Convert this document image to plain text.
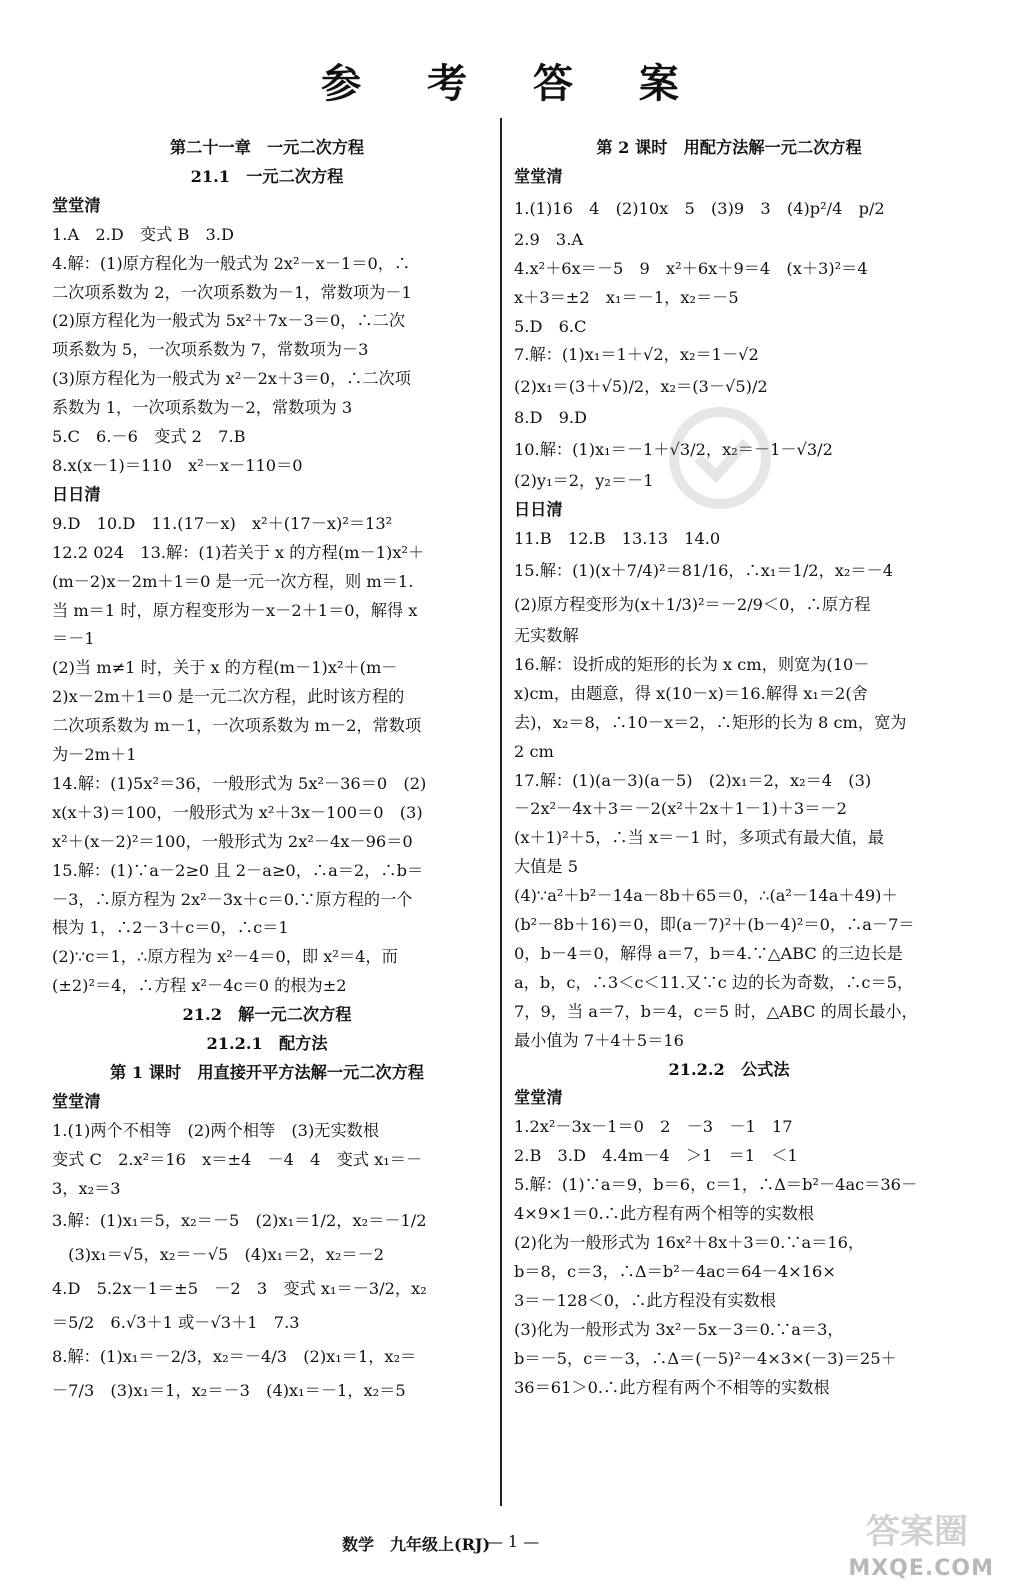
参 考 答 案
第二十一章　一元二次方程
21.1　一元二次方程
堂堂清
1.A　2.D　变式 B　3.D
4.解：(1)原方程化为一般式为 2x²－x－1＝0，∴
二次项系数为 2，一次项系数为－1，常数项为－1
(2)原方程化为一般式为 5x²＋7x－3＝0，∴二次
项系数为 5，一次项系数为 7，常数项为－3
(3)原方程化为一般式为 x²－2x＋3＝0，∴二次项
系数为 1，一次项系数为－2，常数项为 3
5.C　6.－6　变式 2　7.B
8.x(x－1)＝110　x²－x－110＝0
日日清
9.D　10.D　11.(17－x)　x²＋(17－x)²＝13²
12.2 024　13.解：(1)若关于 x 的方程(m－1)x²＋
(m－2)x－2m＋1＝0 是一元一次方程，则 m＝1.
当 m＝1 时，原方程变形为－x－2＋1＝0，解得 x
＝－1
(2)当 m≠1 时，关于 x 的方程(m－1)x²＋(m－
2)x－2m＋1＝0 是一元二次方程，此时该方程的
二次项系数为 m－1，一次项系数为 m－2，常数项
为－2m＋1
14.解：(1)5x²＝36，一般形式为 5x²－36＝0　(2)
x(x＋3)＝100，一般形式为 x²＋3x－100＝0　(3)
x²＋(x－2)²＝100，一般形式为 2x²－4x－96＝0
15.解：(1)∵a－2≥0 且 2－a≥0，∴a＝2，∴b＝
－3，∴原方程为 2x²－3x＋c＝0.∵原方程的一个
根为 1，∴2－3＋c＝0，∴c＝1
(2)∵c＝1，∴原方程为 x²－4＝0，即 x²＝4，而
(±2)²＝4，∴方程 x²－4c＝0 的根为±2
21.2　解一元二次方程
21.2.1　配方法
第 1 课时　用直接开平方法解一元二次方程
堂堂清
1.(1)两个不相等　(2)两个相等　(3)无实数根
变式 C　2.x²＝16　x＝±4　－4　4　变式 x₁＝－
3，x₂＝3
3.解：(1)x₁＝5，x₂＝－5　(2)x₁＝1/2，x₂＝－1/2
　(3)x₁＝√5，x₂＝－√5　(4)x₁＝2，x₂＝－2
4.D　5.2x－1＝±5　－2　3　变式 x₁＝－3/2，x₂
＝5/2　6.√3＋1 或－√3＋1　7.3
8.解：(1)x₁＝－2/3，x₂＝－4/3　(2)x₁＝1，x₂＝
－7/3　(3)x₁＝1，x₂＝－3　(4)x₁＝－1，x₂＝5
第 2 课时　用配方法解一元二次方程
堂堂清
1.(1)16　4　(2)10x　5　(3)9　3　(4)p²/4　p/2
2.9　3.A
4.x²＋6x＝－5　9　x²＋6x＋9＝4　(x＋3)²＝4
x＋3＝±2　x₁＝－1，x₂＝－5
5.D　6.C
7.解：(1)x₁＝1＋√2，x₂＝1－√2
(2)x₁＝(3＋√5)/2，x₂＝(3－√5)/2
8.D　9.D
10.解：(1)x₁＝－1＋√3/2，x₂＝－1－√3/2
(2)y₁＝2，y₂＝－1
日日清
11.B　12.B　13.13　14.0
15.解：(1)(x＋7/4)²＝81/16，∴x₁＝1/2，x₂＝－4
(2)原方程变形为(x＋1/3)²＝－2/9＜0，∴原方程
无实数解
16.解：设折成的矩形的长为 x cm，则宽为(10－
x)cm，由题意，得 x(10－x)＝16.解得 x₁＝2(舍
去)，x₂＝8，∴10－x＝2，∴矩形的长为 8 cm，宽为
2 cm
17.解：(1)(a－3)(a－5)　(2)x₁＝2，x₂＝4　(3)
－2x²－4x＋3＝－2(x²＋2x＋1－1)＋3＝－2
(x＋1)²＋5，∴当 x＝－1 时，多项式有最大值，最
大值是 5
(4)∵a²＋b²－14a－8b＋65＝0，∴(a²－14a＋49)＋
(b²－8b＋16)＝0，即(a－7)²＋(b－4)²＝0，∴a－7＝
0，b－4＝0，解得 a＝7，b＝4.∵△ABC 的三边长是
a，b，c，∴3＜c＜11.又∵c 边的长为奇数，∴c＝5，
7，9，当 a＝7，b＝4，c＝5 时，△ABC 的周长最小，
最小值为 7＋4＋5＝16
21.2.2　公式法
堂堂清
1.2x²－3x－1＝0　2　－3　－1　17
2.B　3.D　4.4m－4　＞1　＝1　＜1
5.解：(1)∵a＝9，b＝6，c＝1，∴Δ＝b²－4ac＝36－
4×9×1＝0.∴此方程有两个相等的实数根
(2)化为一般形式为 16x²＋8x＋3＝0.∵a＝16，
b＝8，c＝3，∴Δ＝b²－4ac＝64－4×16×
3＝－128＜0，∴此方程没有实数根
(3)化为一般形式为 3x²－5x－3＝0.∵a＝3，
b＝－5，c＝－3，∴Δ＝(－5)²－4×3×(－3)＝25＋
36＝61＞0.∴此方程有两个不相等的实数根
数学　九年级上(RJ)
— 1 —	答案圈
MXQE.COM
